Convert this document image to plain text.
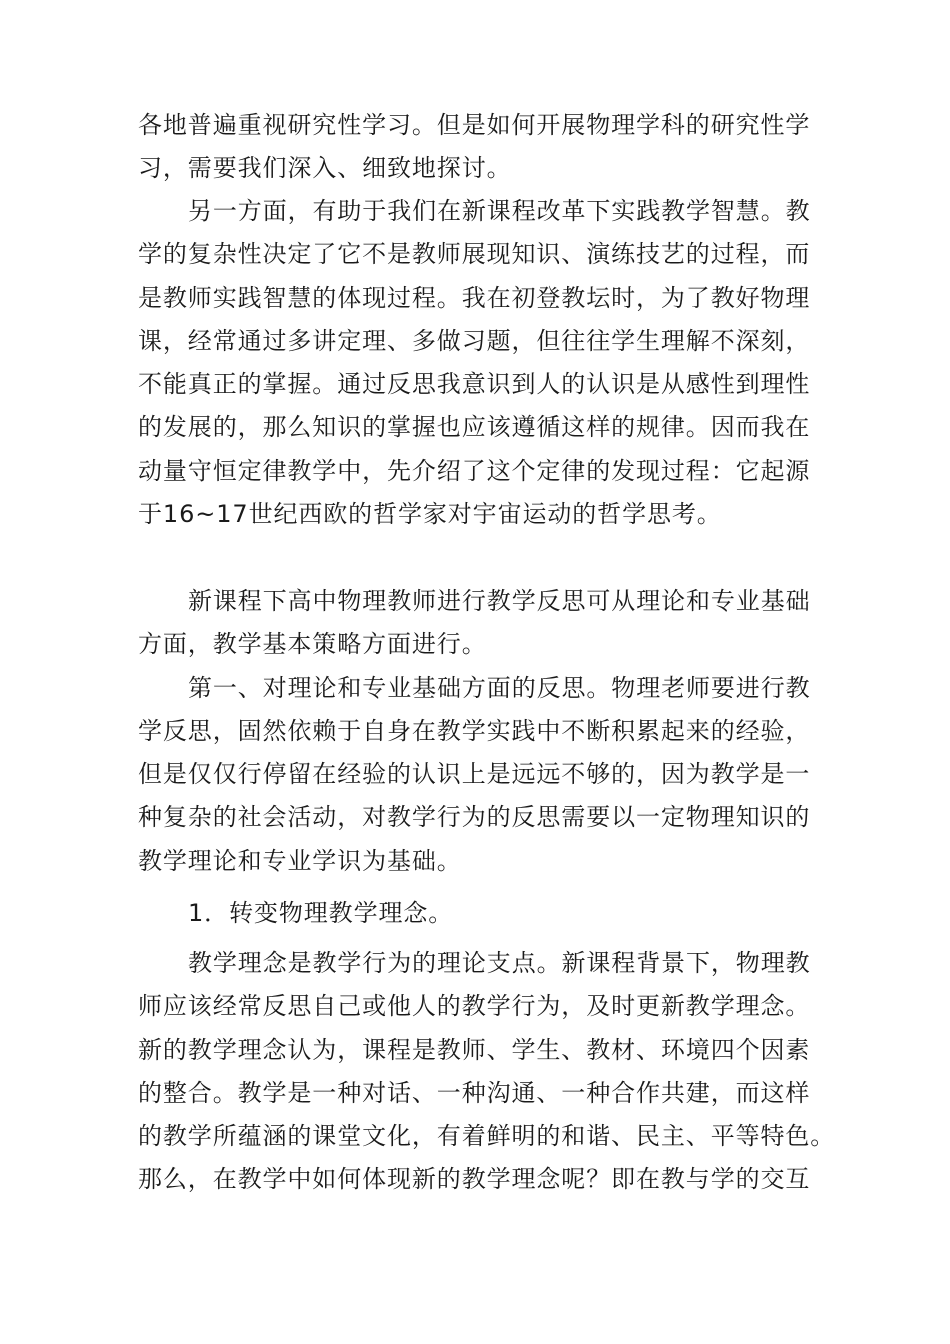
各地普遍重视研究性学习。但是如何开展物理学科的研究性学
习，需要我们深入、细致地探讨。
另一方面，有助于我们在新课程改革下实践教学智慧。教
学的复杂性决定了它不是教师展现知识、演练技艺的过程，而
是教师实践智慧的体现过程。我在初登教坛时，为了教好物理
课，经常通过多讲定理、多做习题，但往往学生理解不深刻，
不能真正的掌握。通过反思我意识到人的认识是从感性到理性
的发展的，那么知识的掌握也应该遵循这样的规律。因而我在
动量守恒定律教学中，先介绍了这个定律的发现过程：它起源
于16~17世纪西欧的哲学家对宇宙运动的哲学思考。
新课程下高中物理教师进行教学反思可从理论和专业基础
方面，教学基本策略方面进行。
第一、对理论和专业基础方面的反思。物理老师要进行教
学反思，固然依赖于自身在教学实践中不断积累起来的经验，
但是仅仅行停留在经验的认识上是远远不够的，因为教学是一
种复杂的社会活动，对教学行为的反思需要以一定物理知识的
教学理论和专业学识为基础。
1．转变物理教学理念。
教学理念是教学行为的理论支点。新课程背景下，物理教
师应该经常反思自己或他人的教学行为，及时更新教学理念。
新的教学理念认为，课程是教师、学生、教材、环境四个因素
的整合。教学是一种对话、一种沟通、一种合作共建，而这样
的教学所蕴涵的课堂文化，有着鲜明的和谐、民主、平等特色。
那么，在教学中如何体现新的教学理念呢？即在教与学的交互
